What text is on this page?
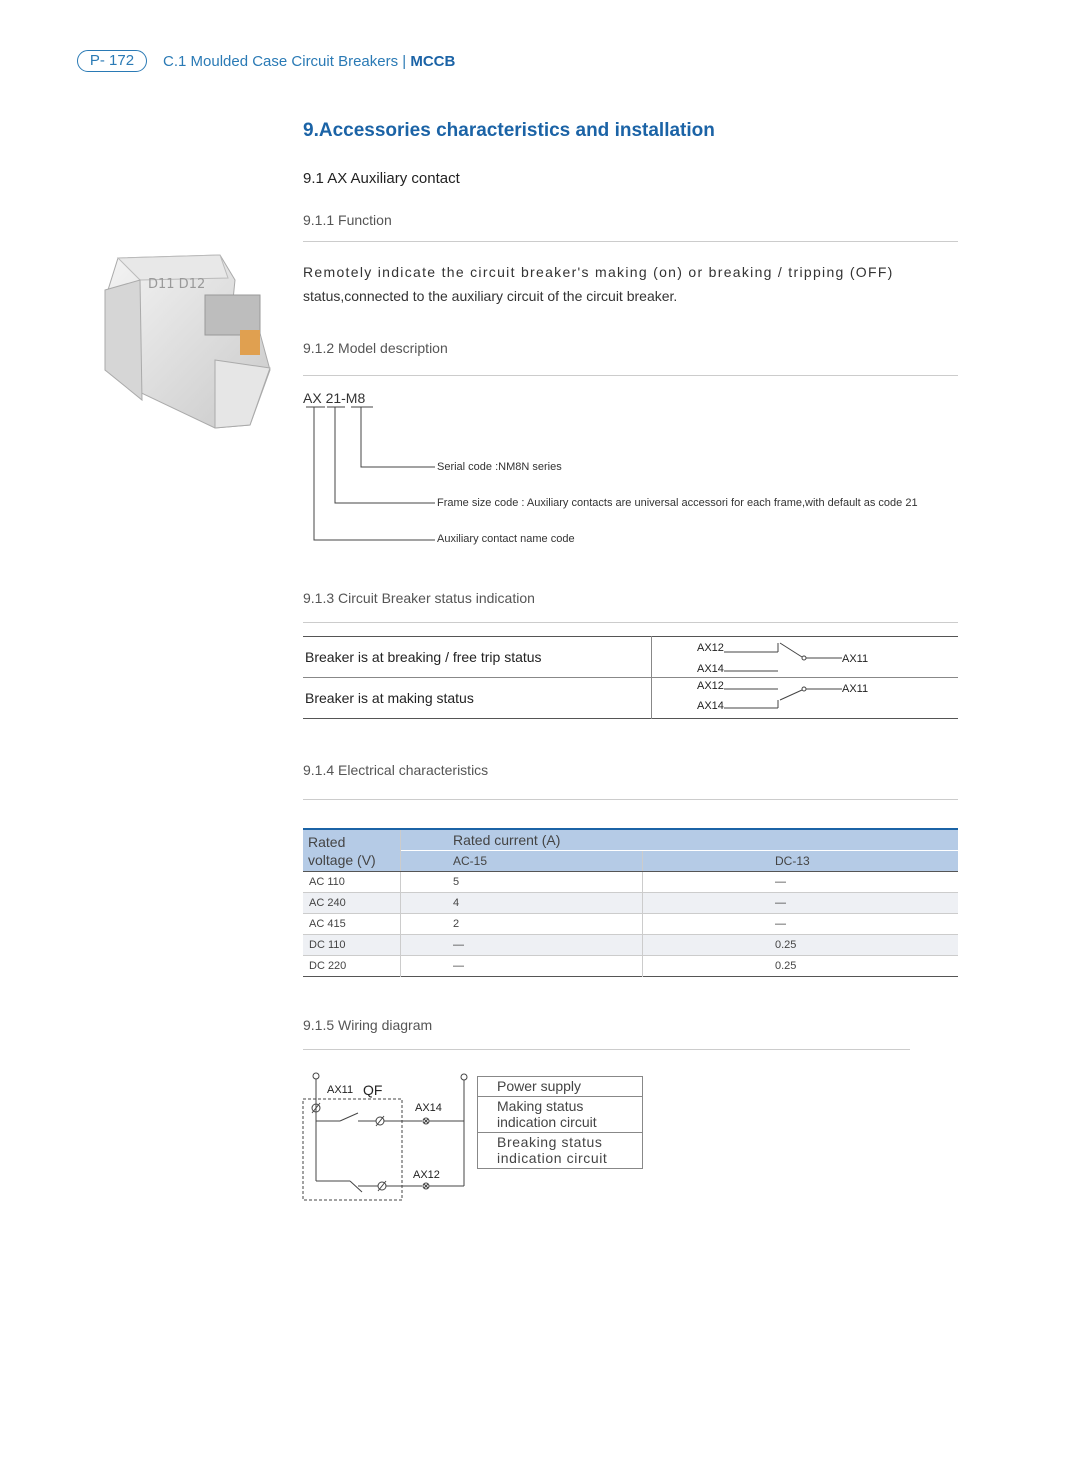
P- 172	C.1 Moulded Case Circuit Breakers | MCCB
9.Accessories characteristics and installation
9.1 AX Auxiliary contact
9.1.1 Function
Remotely indicate the circuit breaker's making (on) or breaking / tripping (OFF)
status,connected to the auxiliary circuit of the circuit breaker.
D11 D12
9.1.2 Model description
AX 21-M8
Serial code :NM8N series
Frame size code : Auxiliary contacts are universal accessori for each frame,with default as code 21
Auxiliary contact name code
9.1.3 Circuit Breaker status indication
Breaker is at breaking / free trip status	AX12
AX14
AX11

Breaker is at making status	AX12
AX14
AX11
9.1.4 Electrical characteristics
Rated
voltage (V)	Rated current (A)	
	AC-15	DC-13
AC 110	5	—
AC 240	4	—
AC 415	2	—
DC 110	—	0.25
DC 220	—	0.25
9.1.5 Wiring diagram
AX11 QF
AX14
AX12
Power supply
Making status
indication circuit
Breaking status
indication circuit
